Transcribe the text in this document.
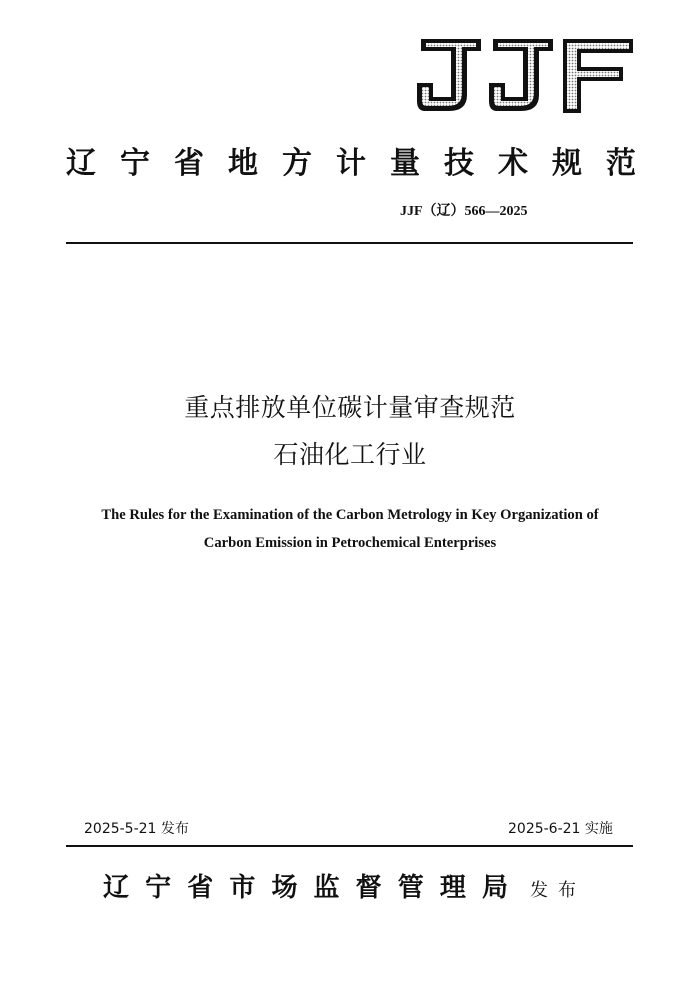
辽 宁 省 地 方 计 量 技 术 规 范
JJF（辽）566—2025
重点排放单位碳计量审查规范
石油化工行业
The Rules for the Examination of the Carbon Metrology in Key Organization of
Carbon Emission in Petrochemical Enterprises
2025-5-21 发布	2025-6-21 实施
辽 宁 省 市 场 监 督 管 理 局 发布
